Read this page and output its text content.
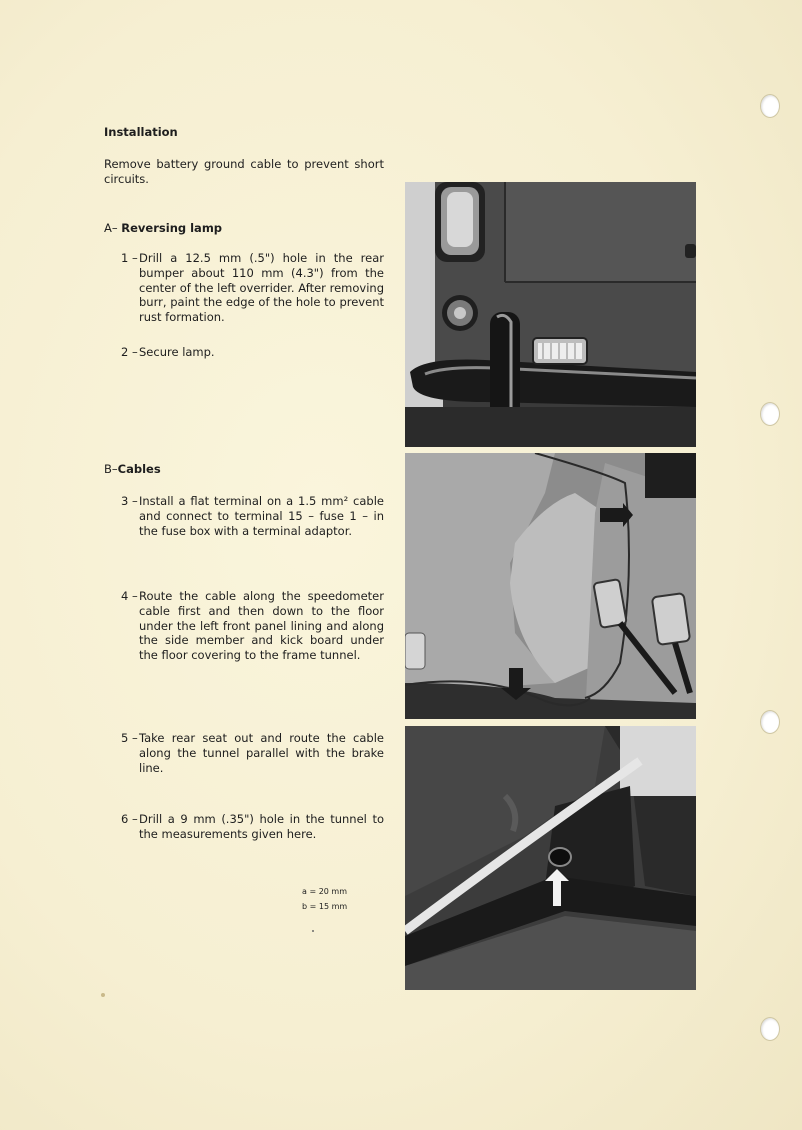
Installation
Remove battery ground cable to prevent short circuits.
A– Reversing lamp
1 – Drill a 12.5 mm (.5") hole in the rear bumper about 110 mm (4.3") from the center of the left overrider. After removing burr, paint the edge of the hole to prevent rust formation.
2 – Secure lamp.
B–Cables
3 – Install a flat terminal on a 1.5 mm² cable and connect to terminal 15 – fuse 1 – in the fuse box with a terminal adaptor.
4 – Route the cable along the speedometer cable first and then down to the floor under the left front panel lining and along the side member and kick board under the floor covering to the frame tunnel.
5 – Take rear seat out and route the cable along the tunnel parallel with the brake line.
6 – Drill a 9 mm (.35") hole in the tunnel to the measurements given here.
a = 20 mm
b = 15 mm
